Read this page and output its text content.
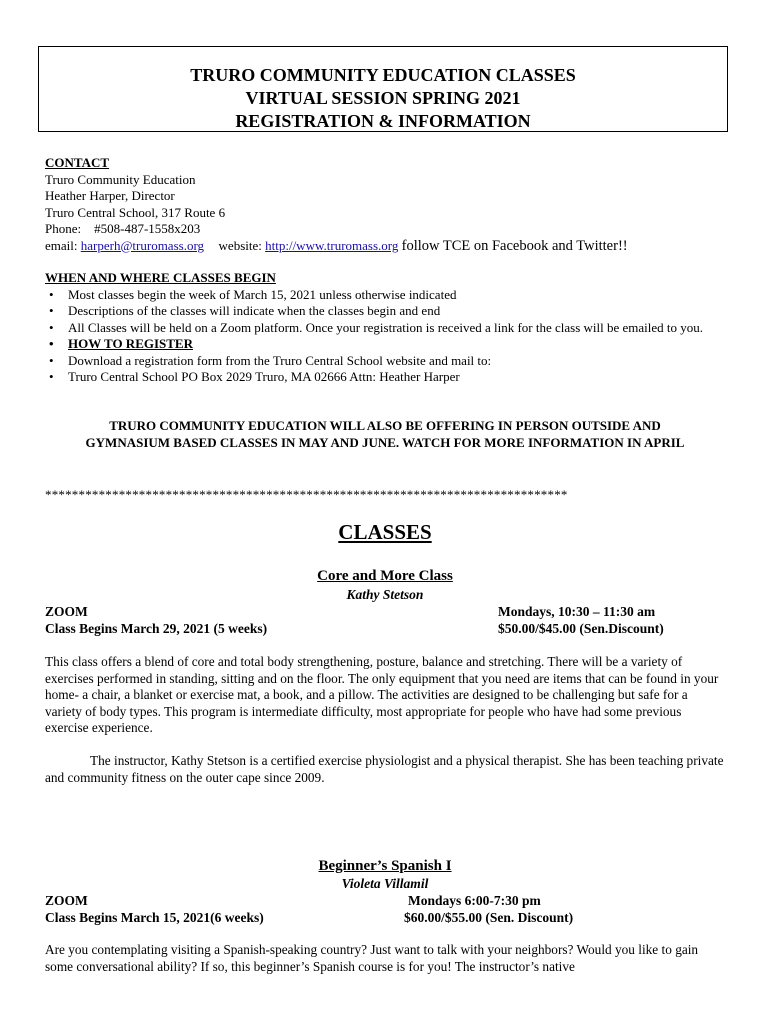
TRURO COMMUNITY EDUCATION CLASSES
VIRTUAL SESSION SPRING 2021
REGISTRATION & INFORMATION
CONTACT
Truro Community Education
Heather Harper, Director
Truro Central School, 317 Route 6
Phone:    #508-487-1558x203
email: harperh@truromass.org website: http://www.truromass.org follow TCE on Facebook and Twitter!!
WHEN AND WHERE CLASSES BEGIN
• Most classes begin the week of March 15, 2021 unless otherwise indicated
• Descriptions of the classes will indicate when the classes begin and end
• All Classes will be held on a Zoom platform. Once your registration is received a link for the class will be emailed to you.
• HOW TO REGISTER
• Download a registration form from the Truro Central School website and mail to:
• Truro Central School PO Box 2029 Truro, MA 02666 Attn: Heather Harper
TRURO COMMUNITY EDUCATION WILL ALSO BE OFFERING IN PERSON OUTSIDE AND
GYMNASIUM BASED CLASSES IN MAY AND JUNE. WATCH FOR MORE INFORMATION IN APRIL
******************************************************************************
CLASSES
Core and More Class
Kathy Stetson
ZOOM
Class Begins March 29, 2021 (5 weeks)
Mondays, 10:30 – 11:30 am
$50.00/$45.00 (Sen.Discount)
This class offers a blend of core and total body strengthening, posture, balance and stretching. There will be a variety of exercises performed in standing, sitting and on the floor. The only equipment that you need are items that can be found in your home- a chair, a blanket or exercise mat, a book, and a pillow. The activities are designed to be challenging but safe for a variety of body types. This program is intermediate difficulty, most appropriate for people who have had some previous exercise experience.
The instructor, Kathy Stetson is a certified exercise physiologist and a physical therapist. She has been teaching private and community fitness on the outer cape since 2009.
Beginner’s Spanish I
Violeta Villamil
ZOOM
Class Begins March 15, 2021(6 weeks)
Mondays 6:00-7:30 pm
$60.00/$55.00 (Sen. Discount)
Are you contemplating visiting a Spanish-speaking country? Just want to talk with your neighbors? Would you like to gain some conversational ability? If so, this beginner’s Spanish course is for you! The instructor’s native
